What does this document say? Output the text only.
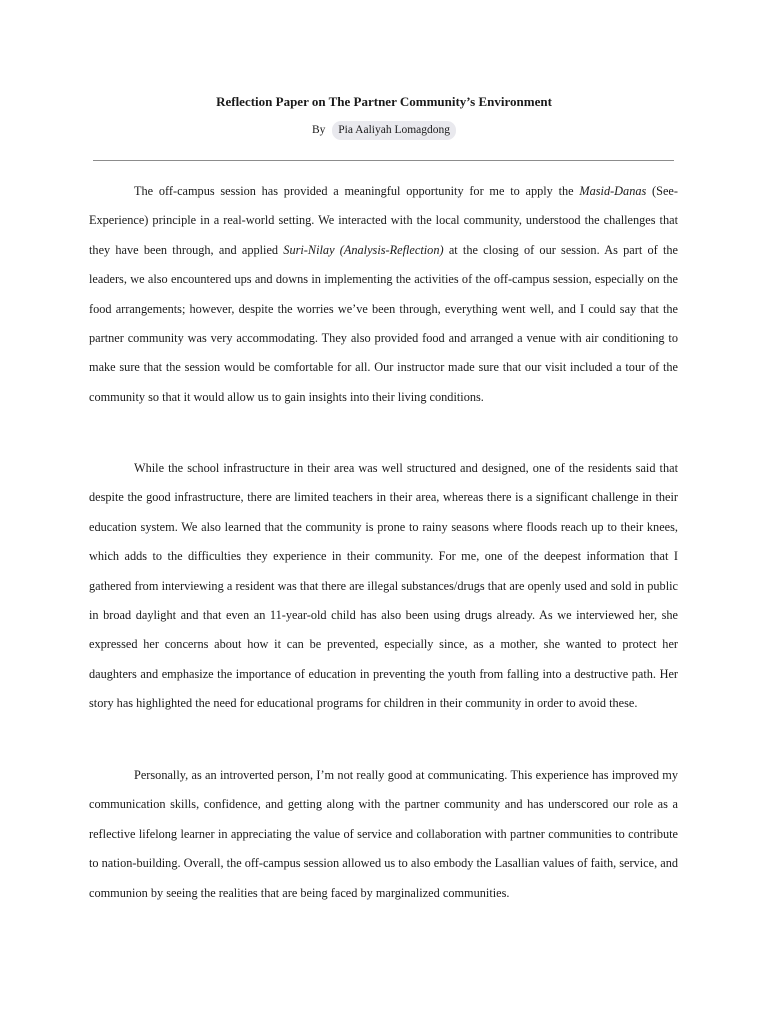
Reflection Paper on The Partner Community’s Environment
By Pia Aaliyah Lomagdong

The off-campus session has provided a meaningful opportunity for me to apply the Masid-Danas (See-Experience) principle in a real-world setting. We interacted with the local community, understood the challenges that they have been through, and applied Suri-Nilay (Analysis-Reflection) at the closing of our session. As part of the leaders, we also encountered ups and downs in implementing the activities of the off-campus session, especially on the food arrangements; however, despite the worries we’ve been through, everything went well, and I could say that the partner community was very accommodating. They also provided food and arranged a venue with air conditioning to make sure that the session would be comfortable for all. Our instructor made sure that our visit included a tour of the community so that it would allow us to gain insights into their living conditions.

While the school infrastructure in their area was well structured and designed, one of the residents said that despite the good infrastructure, there are limited teachers in their area, whereas there is a significant challenge in their education system. We also learned that the community is prone to rainy seasons where floods reach up to their knees, which adds to the difficulties they experience in their community. For me, one of the deepest information that I gathered from interviewing a resident was that there are illegal substances/drugs that are openly used and sold in public in broad daylight and that even an 11-year-old child has also been using drugs already. As we interviewed her, she expressed her concerns about how it can be prevented, especially since, as a mother, she wanted to protect her daughters and emphasize the importance of education in preventing the youth from falling into a destructive path. Her story has highlighted the need for educational programs for children in their community in order to avoid these.

Personally, as an introverted person, I’m not really good at communicating. This experience has improved my communication skills, confidence, and getting along with the partner community and has underscored our role as a reflective lifelong learner in appreciating the value of service and collaboration with partner communities to contribute to nation-building. Overall, the off-campus session allowed us to also embody the Lasallian values of faith, service, and communion by seeing the realities that are being faced by marginalized communities.
